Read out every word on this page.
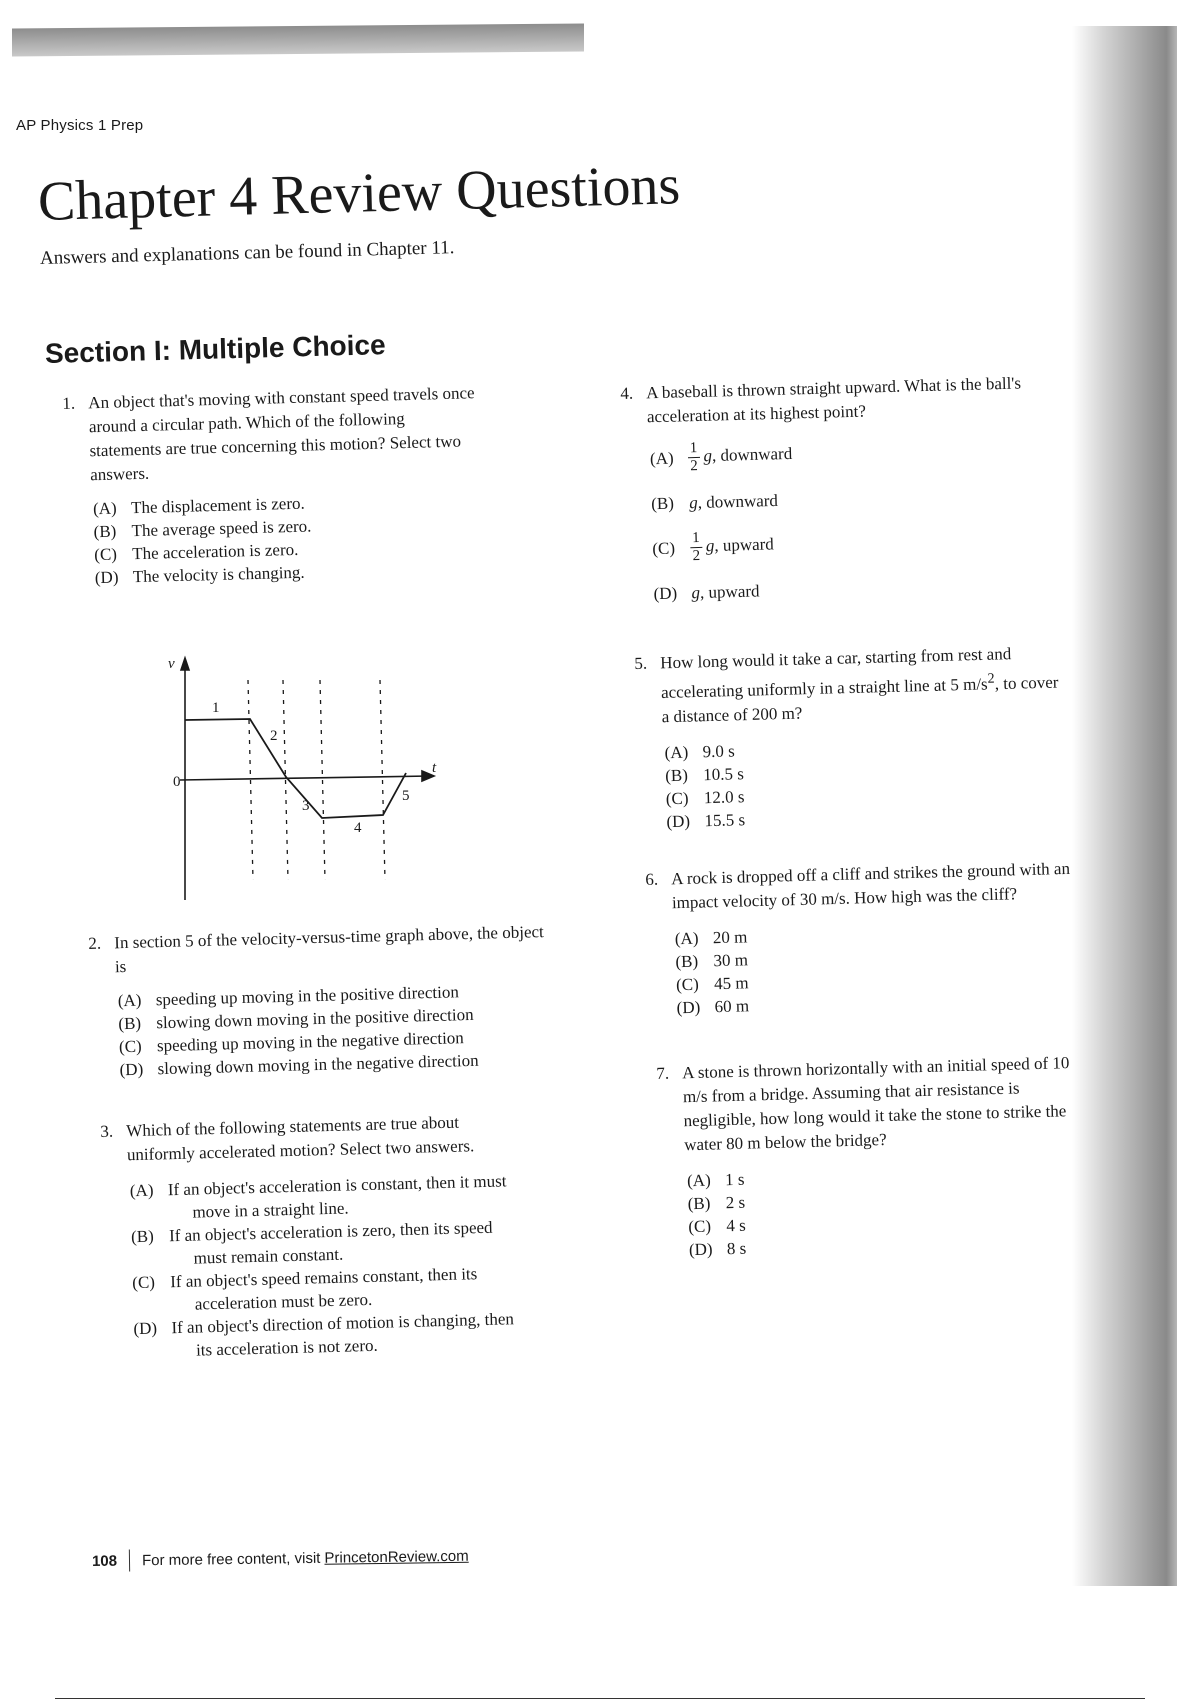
AP Physics 1 Prep
Chapter 4 Review Questions
Answers and explanations can be found in Chapter 11.
Section I: Multiple Choice
1. An object that's moving with constant speed travels once around a circular path. Which of the following statements are true concerning this motion? Select two answers.
(A) The displacement is zero.
(B) The average speed is zero.
(C) The acceleration is zero.
(D) The velocity is changing.
v
t
0
1
2
3
4
5
2. In section 5 of the velocity-versus-time graph above, the object is
(A) speeding up moving in the positive direction
(B) slowing down moving in the positive direction
(C) speeding up moving in the negative direction
(D) slowing down moving in the negative direction
3. Which of the following statements are true about uniformly accelerated motion? Select two answers.
(A) If an object's acceleration is constant, then it must
move in a straight line.
(B) If an object's acceleration is zero, then its speed
must remain constant.
(C) If an object's speed remains constant, then its
acceleration must be zero.
(D) If an object's direction of motion is changing, then
its acceleration is not zero.
4. A baseball is thrown straight upward. What is the ball's acceleration at its highest point?
$(A) \frac{1}{2} g$, downward
(B) g, downward
$(C) \frac{1}{2} g$, upward
(D) g, upward
5. How long would it take a car, starting from rest and accelerating uniformly in a straight line at 5 $m/s^2$, to cover a distance of 200 m?
(A) 9.0 s
(B) 10.5 s
(C) 12.0 s
(D) 15.5 s
6. A rock is dropped off a cliff and strikes the ground with an impact velocity of 30 m/s. How high was the cliff?
(A) 20 m
(B) 30 m
(C) 45 m
(D) 60 m
7. A stone is thrown horizontally with an initial speed of 10 m/s from a bridge. Assuming that air resistance is negligible, how long would it take the stone to strike the water 80 m below the bridge?
(A) 1 s
(B) 2 s
(C) 4 s
(D) 8 s
108 For more free content, visit PrincetonReview.com
